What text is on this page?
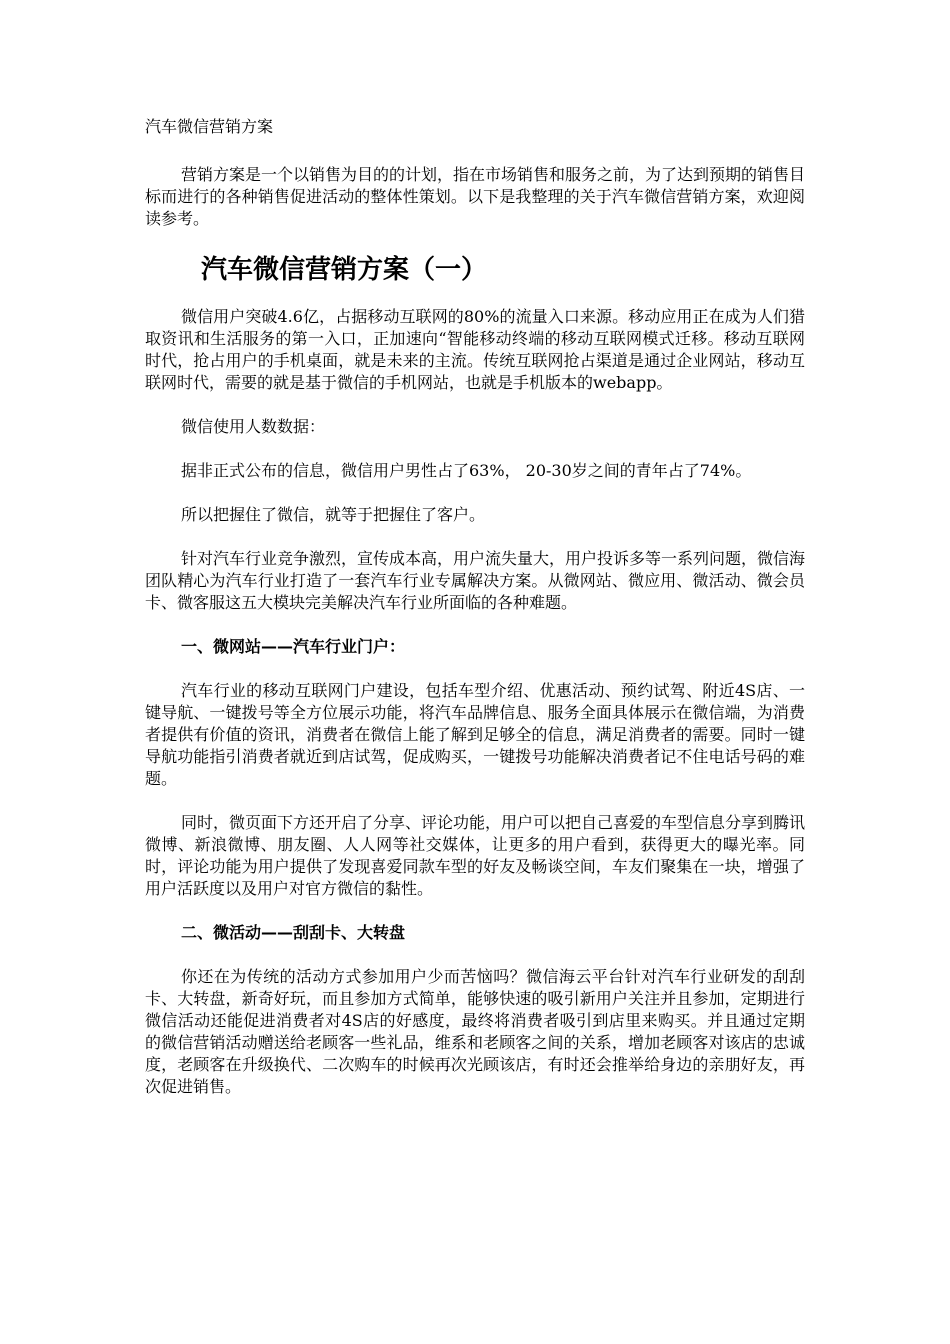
汽车微信营销方案

营销方案是一个以销售为目的的计划，指在市场销售和服务之前，为了达到预期的销售目标而进行的各种销售促进活动的整体性策划。以下是我整理的关于汽车微信营销方案，欢迎阅读参考。

汽车微信营销方案（一）

微信用户突破4.6亿，占据移动互联网的80%的流量入口来源。移动应用正在成为人们猎取资讯和生活服务的第一入口，正加速向“智能移动终端的移动互联网模式迁移。移动互联网时代，抢占用户的手机桌面，就是未来的主流。传统互联网抢占渠道是通过企业网站，移动互联网时代，需要的就是基于微信的手机网站，也就是手机版本的webapp。

微信使用人数数据：

据非正式公布的信息，微信用户男性占了63%， 20-30岁之间的青年占了74%。

所以把握住了微信，就等于把握住了客户。

针对汽车行业竞争激烈，宣传成本高，用户流失量大，用户投诉多等一系列问题，微信海团队精心为汽车行业打造了一套汽车行业专属解决方案。从微网站、微应用、微活动、微会员卡、微客服这五大模块完美解决汽车行业所面临的各种难题。

一、微网站——汽车行业门户：

汽车行业的移动互联网门户建设，包括车型介绍、优惠活动、预约试驾、附近4S店、一键导航、一键拨号等全方位展示功能，将汽车品牌信息、服务全面具体展示在微信端，为消费者提供有价值的资讯，消费者在微信上能了解到足够全的信息，满足消费者的需要。同时一键导航功能指引消费者就近到店试驾，促成购买，一键拨号功能解决消费者记不住电话号码的难题。

同时，微页面下方还开启了分享、评论功能，用户可以把自己喜爱的车型信息分享到腾讯微博、新浪微博、朋友圈、人人网等社交媒体，让更多的用户看到，获得更大的曝光率。同时，评论功能为用户提供了发现喜爱同款车型的好友及畅谈空间，车友们聚集在一块，增强了用户活跃度以及用户对官方微信的黏性。

二、微活动——刮刮卡、大转盘

你还在为传统的活动方式参加用户少而苦恼吗？微信海云平台针对汽车行业研发的刮刮卡、大转盘，新奇好玩，而且参加方式简单，能够快速的吸引新用户关注并且参加，定期进行微信活动还能促进消费者对4S店的好感度，最终将消费者吸引到店里来购买。并且通过定期的微信营销活动赠送给老顾客一些礼品，维系和老顾客之间的关系，增加老顾客对该店的忠诚度，老顾客在升级换代、二次购车的时候再次光顾该店，有时还会推举给身边的亲朋好友，再次促进销售。
